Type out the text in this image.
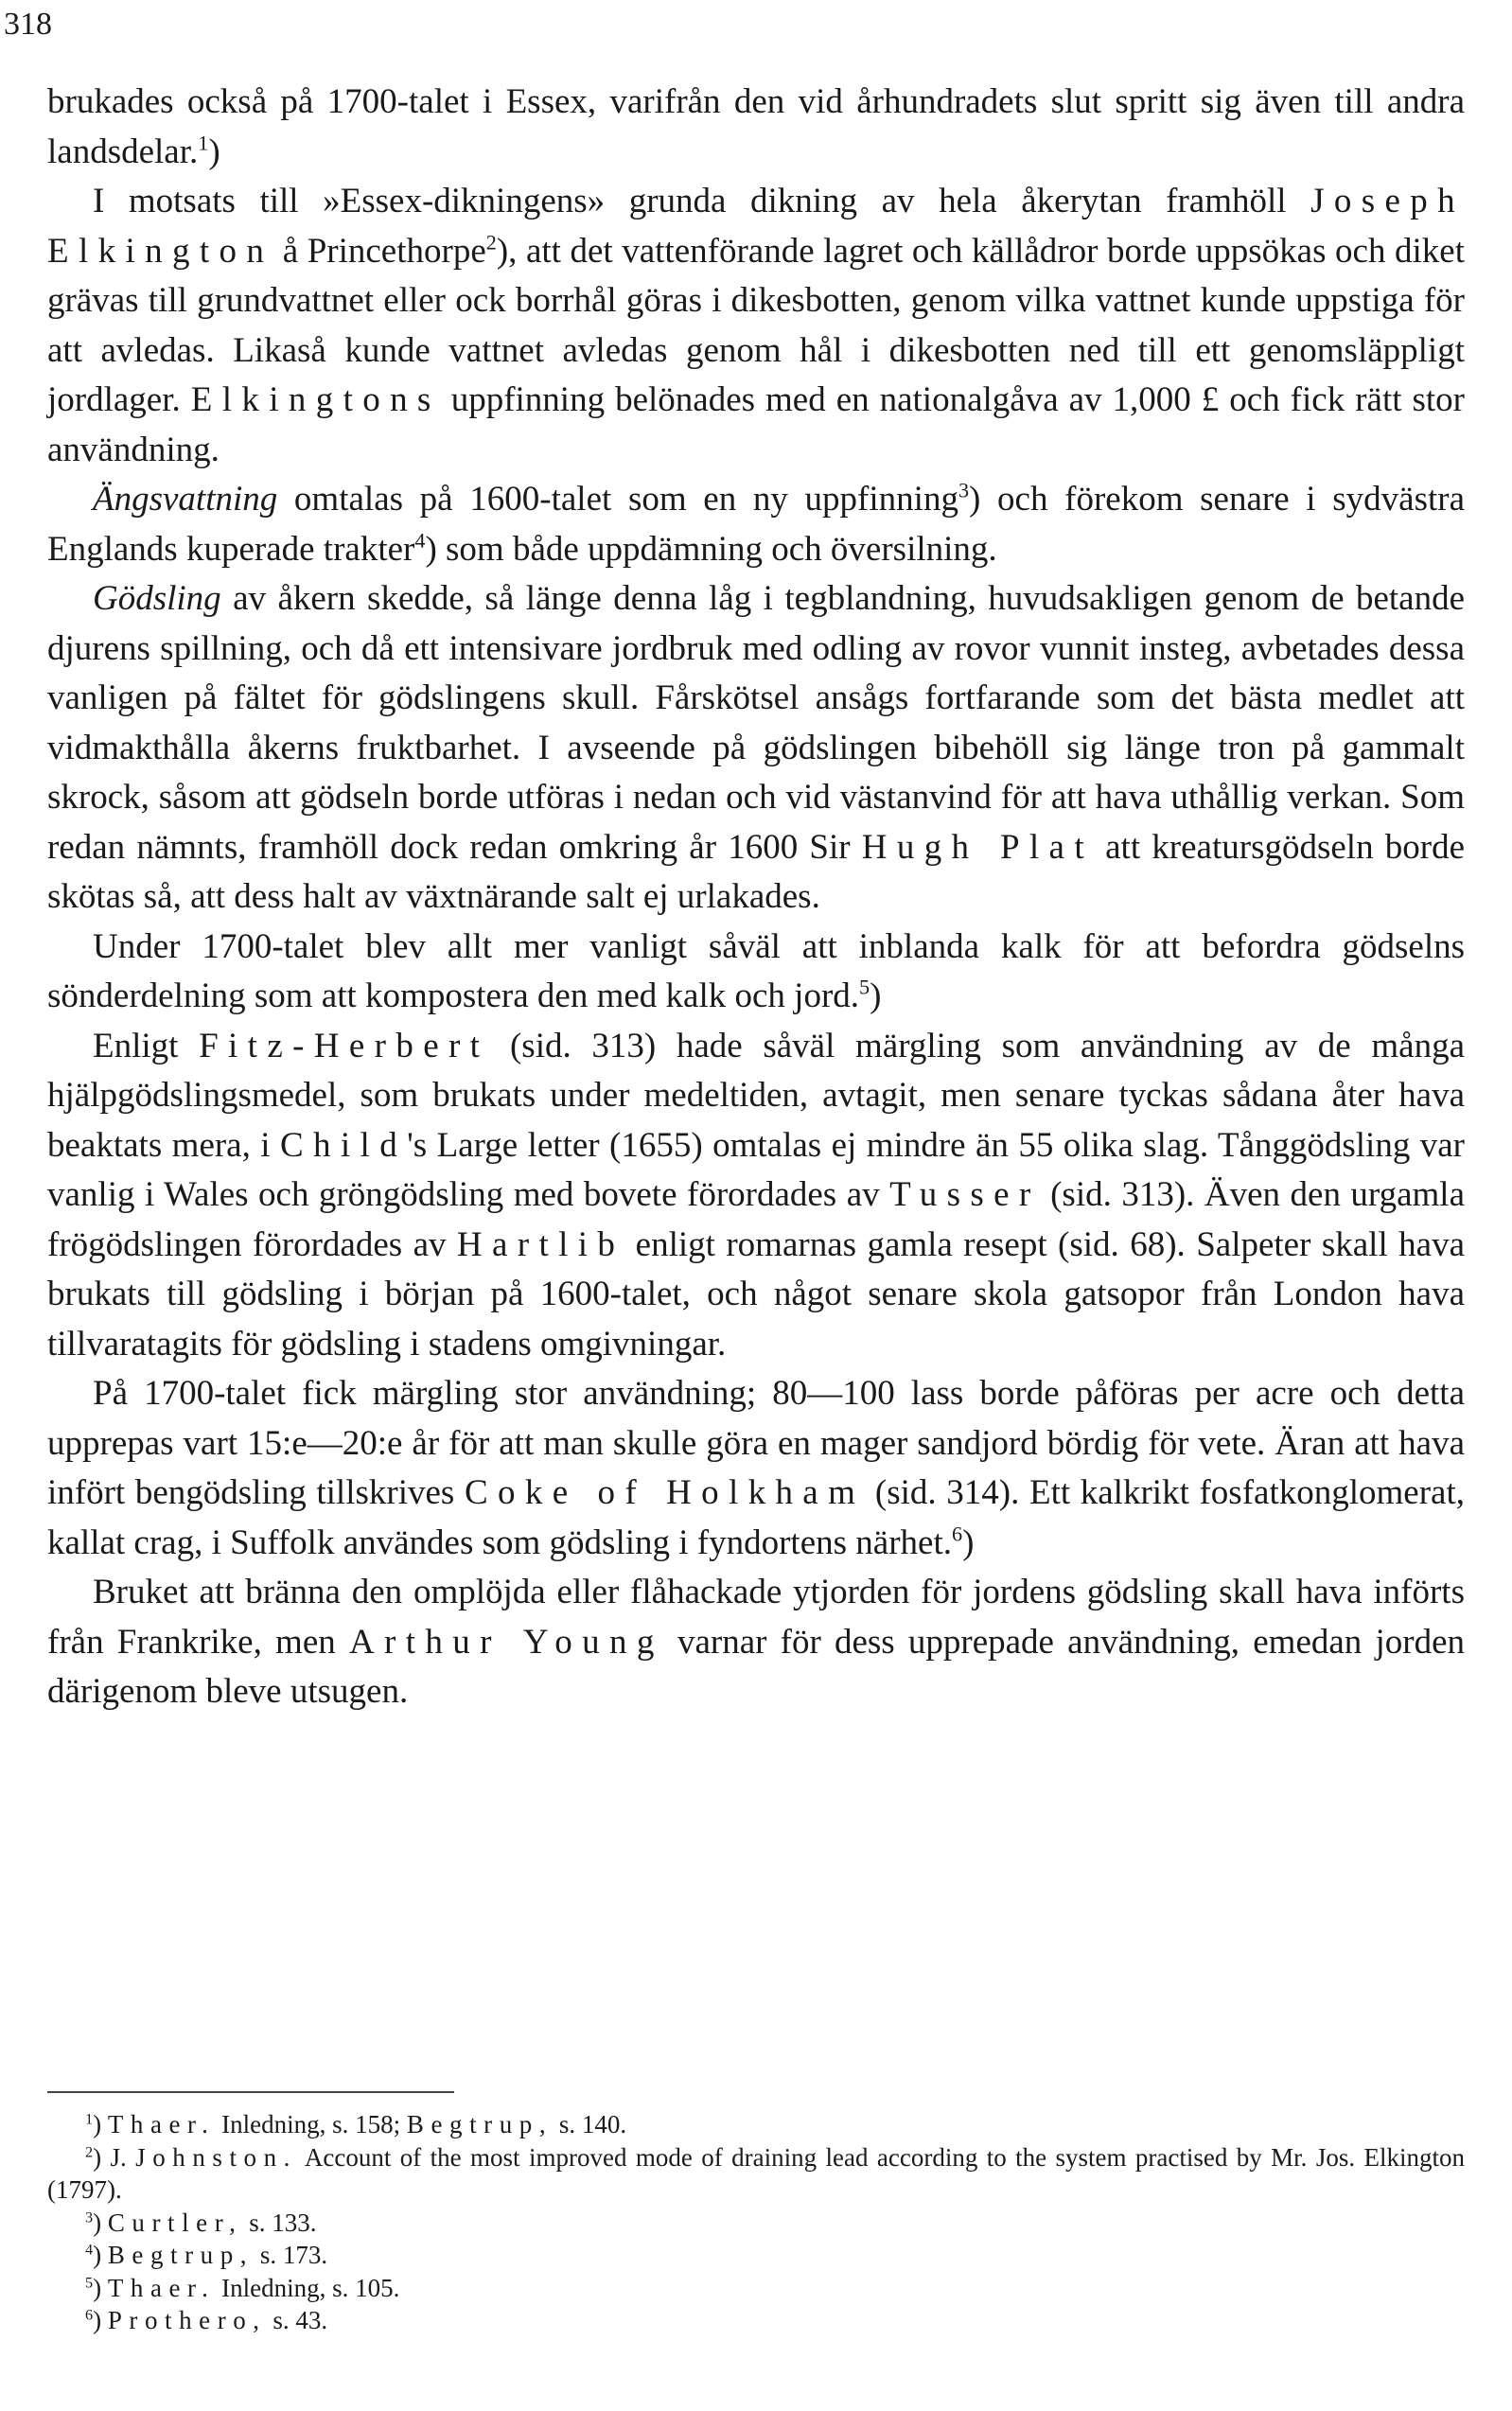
318

brukades också på 1700-talet i Essex, varifrån den vid århundradets slut spritt sig även till andra landsdelar.$^1$)

I motsats till »Essex-dikningens» grunda dikning av hela åkerytan framhöll Joseph Elkington å Princethorpe$^2$), att det vattenförande lagret och källådror borde uppsökas och diket grävas till grundvattnet eller ock borrhål göras i dikesbotten, genom vilka vattnet kunde uppstiga för att avledas. Likaså kunde vattnet avledas genom hål i dikesbotten ned till ett genomsläppligt jordlager. Elkingtons uppfinning belönades med en nationalgåva av 1,000 £ och fick rätt stor användning.

Ängsvattning omtalas på 1600-talet som en ny uppfinning$^3$) och förekom senare i sydvästra Englands kuperade trakter$^4$) som både uppdämning och översilning.

Gödsling av åkern skedde, så länge denna låg i tegblandning, huvudsakligen genom de betande djurens spillning, och då ett intensivare jordbruk med odling av rovor vunnit insteg, avbetades dessa vanligen på fältet för gödslingens skull. Fårskötsel ansågs fortfarande som det bästa medlet att vidmakthålla åkerns fruktbarhet. I avseende på gödslingen bibehöll sig länge tron på gammalt skrock, såsom att gödseln borde utföras i nedan och vid västanvind för att hava uthållig verkan. Som redan nämnts, framhöll dock redan omkring år 1600 Sir Hugh Plat att kreatursgödseln borde skötas så, att dess halt av växtnärande salt ej urlakades.

Under 1700-talet blev allt mer vanligt såväl att inblanda kalk för att befordra gödselns sönderdelning som att kompostera den med kalk och jord.$^5$)

Enligt Fitz-Herbert (sid. 313) hade såväl märgling som användning av de många hjälpgödslingsmedel, som brukats under medeltiden, avtagit, men senare tyckas sådana åter hava beaktats mera, i Child's Large letter (1655) omtalas ej mindre än 55 olika slag. Tånggödsling var vanlig i Wales och gröngödsling med bovete förordades av Tusser (sid. 313). Även den urgamla frögödslingen förordades av Hartlib enligt romarnas gamla resept (sid. 68). Salpeter skall hava brukats till gödsling i början på 1600-talet, och något senare skola gatsopor från London hava tillvaratagits för gödsling i stadens omgivningar.

På 1700-talet fick märgling stor användning; 80—100 lass borde påföras per acre och detta upprepas vart 15:e—20:e år för att man skulle göra en mager sandjord bördig för vete. Äran att hava infört bengödsling tillskrives Coke of Holkham (sid. 314). Ett kalkrikt fosfatkonglomerat, kallat crag, i Suffolk användes som gödsling i fyndortens närhet.$^6$)

Bruket att bränna den omplöjda eller flåhackade ytjorden för jordens gödsling skall hava införts från Frankrike, men Arthur Young varnar för dess upprepade användning, emedan jorden därigenom bleve utsugen.

$^1$) Thaer. Inledning, s. 158; Begtrup, s. 140.
$^2$) J. Johnston. Account of the most improved mode of draining lead according to the system practised by Mr. Jos. Elkington (1797).
$^3$) Curtler, s. 133.
$^4$) Begtrup, s. 173.
$^5$) Thaer. Inledning, s. 105.
$^6$) Prothero, s. 43.
